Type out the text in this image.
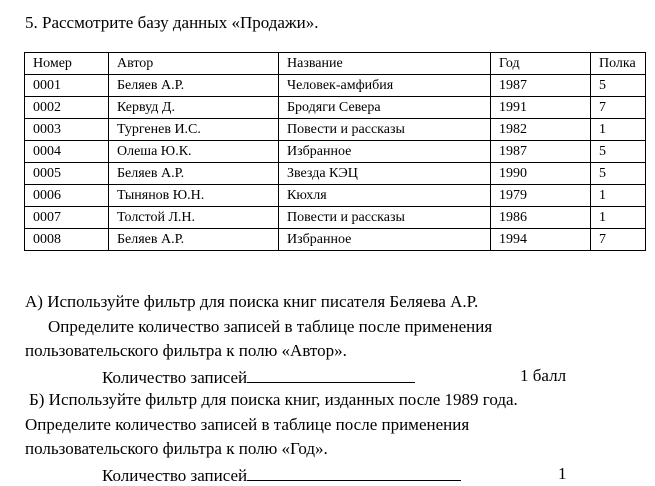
5. Рассмотрите базу данных «Продажи».
Номер	Автор	Название	Год	Полка
0001	Беляев А.Р.	Человек-амфибия	1987	5
0002	Кервуд Д.	Бродяги Севера	1991	7
0003	Тургенев И.С.	Повести и рассказы	1982	1
0004	Олеша Ю.К.	Избранное	1987	5
0005	Беляев А.Р.	Звезда КЭЦ	1990	5
0006	Тынянов Ю.Н.	Кюхля	1979	1
0007	Толстой Л.Н.	Повести и рассказы	1986	1
0008	Беляев А.Р.	Избранное	1994	7
А) Используйте фильтр для поиска книг писателя Беляева А.Р.
Определите количество записей в таблице после применения
пользовательского фильтра к полю «Автор».
Количество записей	1 балл
Б) Используйте фильтр для поиска книг, изданных после 1989 года.
Определите количество записей в таблице после применения
пользовательского фильтра к полю «Год».
Количество записей	1
